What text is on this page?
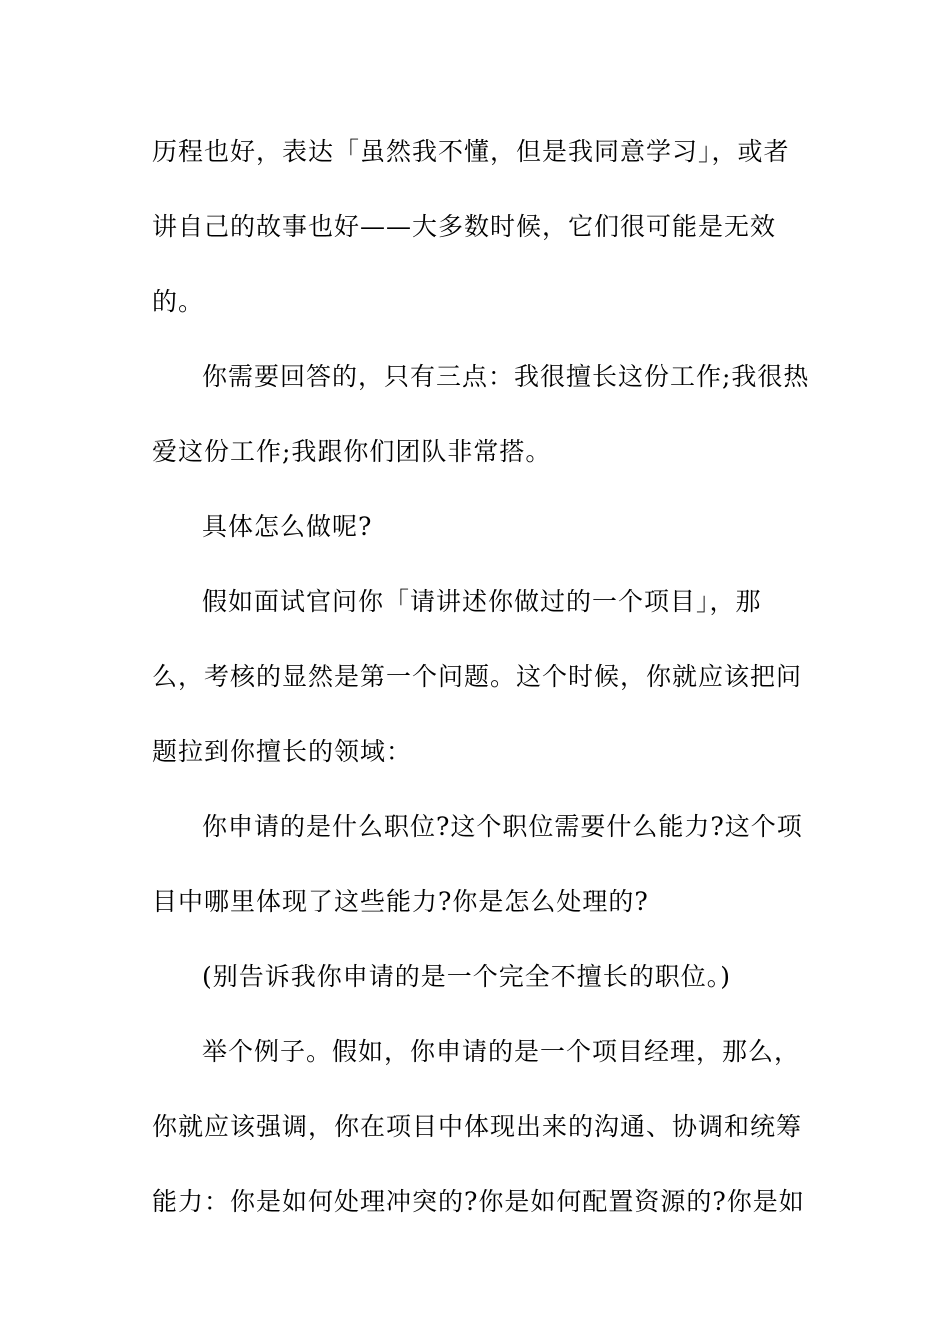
历程也好，表达「虽然我不懂，但是我同意学习」，或者
讲自己的故事也好——大多数时候，它们很可能是无效
的。
你需要回答的，只有三点：我很擅长这份工作;我很热
爱这份工作;我跟你们团队非常搭。
具体怎么做呢?
假如面试官问你「请讲述你做过的一个项目」，那
么，考核的显然是第一个问题。这个时候，你就应该把问
题拉到你擅长的领域：
你申请的是什么职位?这个职位需要什么能力?这个项
目中哪里体现了这些能力?你是怎么处理的?
(别告诉我你申请的是一个完全不擅长的职位。)
举个例子。假如，你申请的是一个项目经理，那么，
你就应该强调，你在项目中体现出来的沟通、协调和统筹
能力：你是如何处理冲突的?你是如何配置资源的?你是如
